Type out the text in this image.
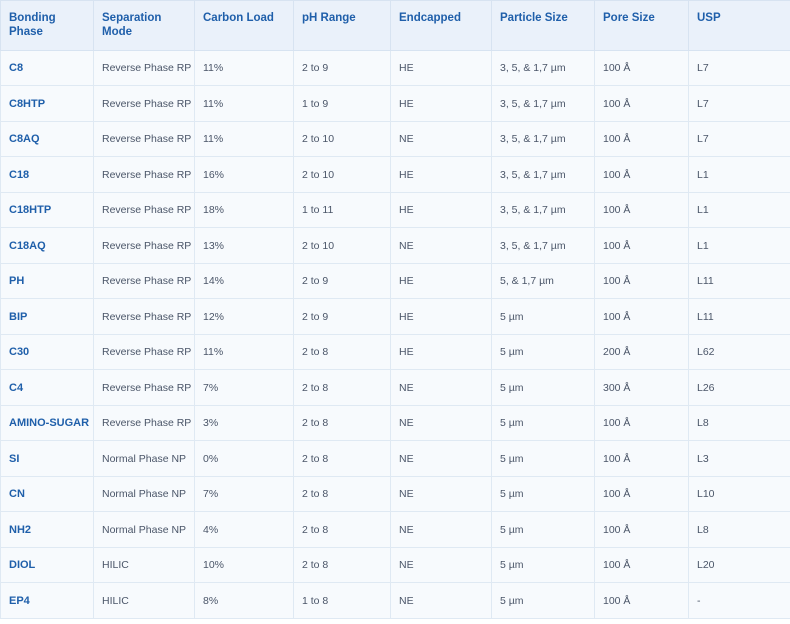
Bonding Phase	Separation Mode	Carbon Load	pH Range	Endcapped	Particle Size	Pore Size	USP
C8	Reverse Phase RP	11%	2 to 9	HE	3, 5, & 1,7 µm	100 Å	L7
C8HTP	Reverse Phase RP	11%	1 to 9	HE	3, 5, & 1,7 µm	100 Å	L7
C8AQ	Reverse Phase RP	11%	2 to 10	NE	3, 5, & 1,7 µm	100 Å	L7
C18	Reverse Phase RP	16%	2 to 10	HE	3, 5, & 1,7 µm	100 Å	L1
C18HTP	Reverse Phase RP	18%	1 to 11	HE	3, 5, & 1,7 µm	100 Å	L1
C18AQ	Reverse Phase RP	13%	2 to 10	NE	3, 5, & 1,7 µm	100 Å	L1
PH	Reverse Phase RP	14%	2 to 9	HE	5, & 1,7 µm	100 Å	L11
BIP	Reverse Phase RP	12%	2 to 9	HE	5 µm	100 Å	L11
C30	Reverse Phase RP	11%	2 to 8	HE	5 µm	200 Å	L62
C4	Reverse Phase RP	7%	2 to 8	NE	5 µm	300 Å	L26
AMINO-SUGAR	Reverse Phase RP	3%	2 to 8	NE	5 µm	100 Å	L8
SI	Normal Phase NP	0%	2 to 8	NE	5 µm	100 Å	L3
CN	Normal Phase NP	7%	2 to 8	NE	5 µm	100 Å	L10
NH2	Normal Phase NP	4%	2 to 8	NE	5 µm	100 Å	L8
DIOL	HILIC	10%	2 to 8	NE	5 µm	100 Å	L20
EP4	HILIC	8%	1 to 8	NE	5 µm	100 Å	-
